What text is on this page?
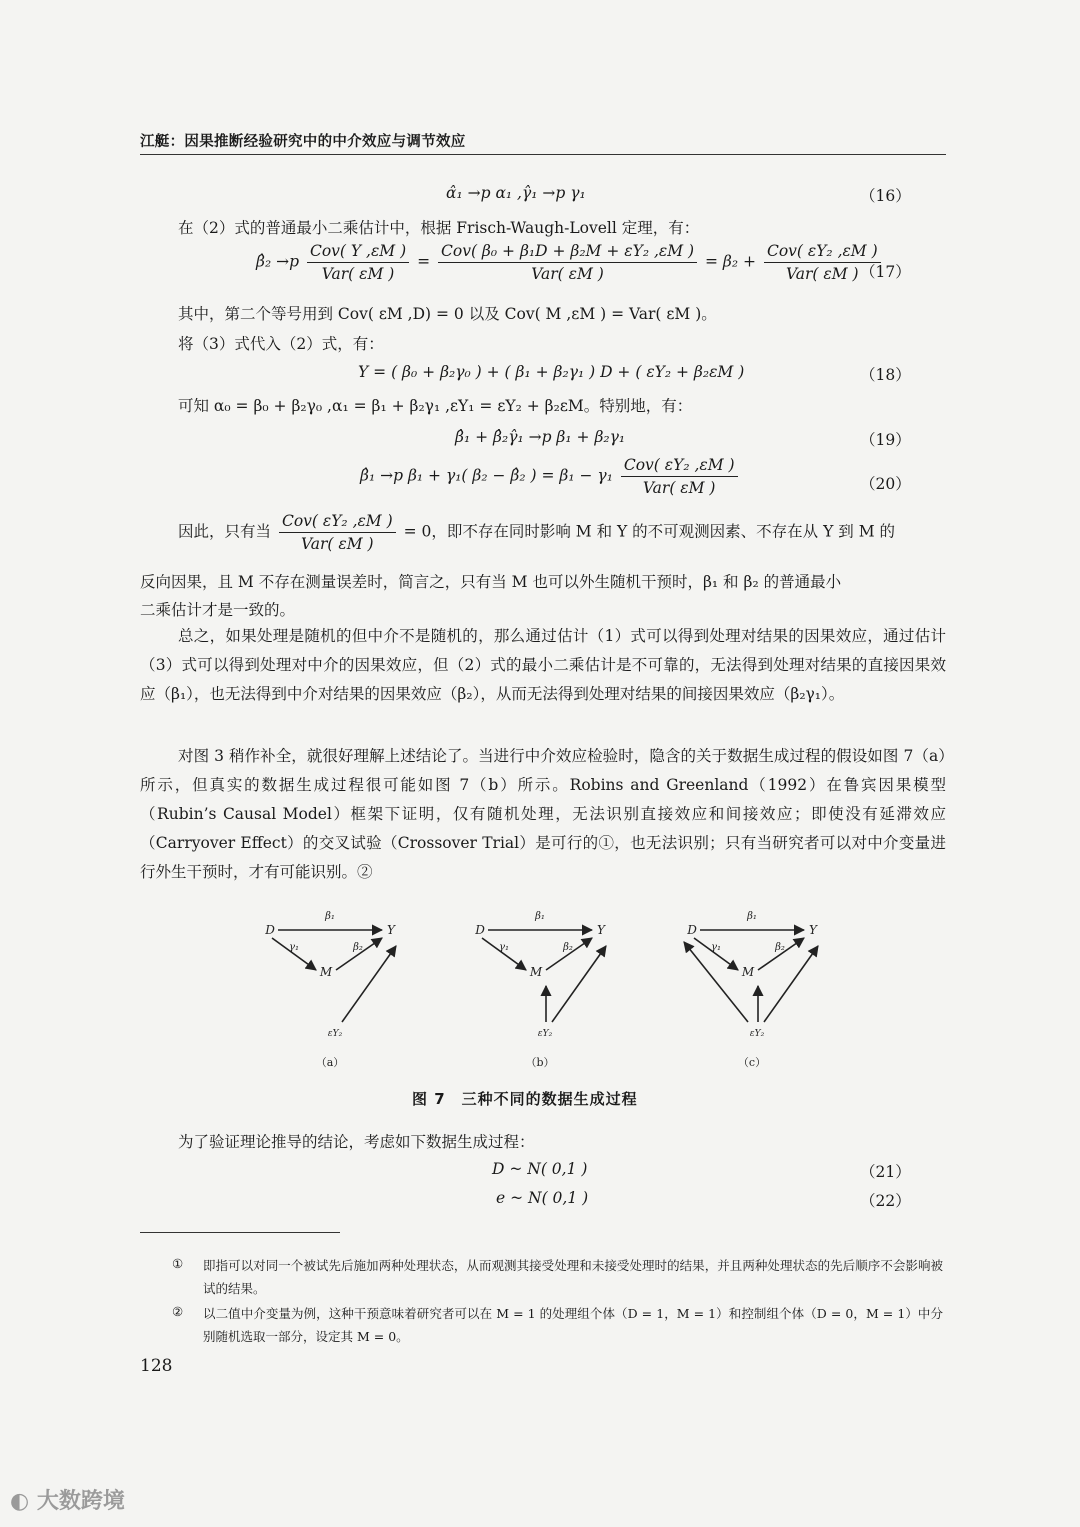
江艇：因果推断经验研究中的中介效应与调节效应
α̂₁ →p α₁ ,γ̂₁ →p γ₁	（16）
在（2）式的普通最小二乘估计中，根据 Frisch-Waugh-Lovell 定理，有：
β̂₂ $\to p \frac{\text{Cov( Y ,εM )}}{\text{Var( εM )}} = \frac{\text{Cov( β₀ + β₁D + β₂M + εY₂ ,εM )}}{\text{Var( εM )}} = \beta_2 + \frac{\text{Cov( εY₂ ,εM )}}{\text{Var( εM )}}$
（17）
其中，第二个等号用到 Cov( εM ,D) = 0 以及 Cov( M ,εM ) = Var( εM )。
将（3）式代入（2）式，有：
Y = ( β₀ + β₂γ₀ ) + ( β₁ + β₂γ₁ ) D + ( εY₂ + β₂εM )	（18）
可知 α₀ = β₀ + β₂γ₀ ,α₁ = β₁ + β₂γ₁ ,εY₁ = εY₂ + β₂εM。特别地，有：
β̂₁ + β̂₂γ̂₁ →p β₁ + β₂γ₁	（19）
β̂₁ →p β₁ + γ₁( β₂ − β̂₂ ) = $\beta_1 - \gamma_1 \frac{\text{Cov( εY₂ ,εM )}}{\text{Var( εM )}}$	（20）
因此，只有当 $\frac{\text{Cov( εY₂ ,εM )}}{\text{Var( εM )}} = 0$，即不存在同时影响 M 和 Y 的不可观测因素、不存在从 Y 到 M 的
反向因果，且 M 不存在测量误差时，简言之，只有当 M 也可以外生随机干预时，β₁ 和 β₂ 的普通最小
二乘估计才是一致的。
总之，如果处理是随机的但中介不是随机的，那么通过估计（1）式可以得到处理对结果的因果效应，通过估计（3）式可以得到处理对中介的因果效应，但（2）式的最小二乘估计是不可靠的，无法得到处理对结果的直接因果效应（β₁），也无法得到中介对结果的因果效应（β₂），从而无法得到处理对结果的间接因果效应（β₂γ₁）。
对图 3 稍作补全，就很好理解上述结论了。当进行中介效应检验时，隐含的关于数据生成过程的假设如图 7（a）所示，但真实的数据生成过程很可能如图 7（b）所示。Robins and Greenland（1992）在鲁宾因果模型（Rubin’s Causal Model）框架下证明，仅有随机处理，无法识别直接效应和间接效应；即使没有延滞效应（Carryover Effect）的交叉试验（Crossover Trial）是可行的①，也无法识别；只有当研究者可以对中介变量进行外生干预时，才有可能识别。②
D	Y
M
εY₂
β₁
γ₁	β₂
（a）
D	Y
M
εY₂
β₁
γ₁	β₂
（b）
D	Y
M
εY₂
β₁
γ₁	β₂
（c）
图 7　三种不同的数据生成过程
为了验证理论推导的结论，考虑如下数据生成过程：
D ~ N( 0,1 )	（21）
e ~ N( 0,1 )	（22）
① 即指可以对同一个被试先后施加两种处理状态，从而观测其接受处理和未接受处理时的结果，并且两种处理状态的先后顺序不会影响被试的结果。
② 以二值中介变量为例，这种干预意味着研究者可以在 M = 1 的处理组个体（D = 1，M = 1）和控制组个体（D = 0，M = 1）中分别随机选取一部分，设定其 M = 0。
128
◐ 大数跨境
